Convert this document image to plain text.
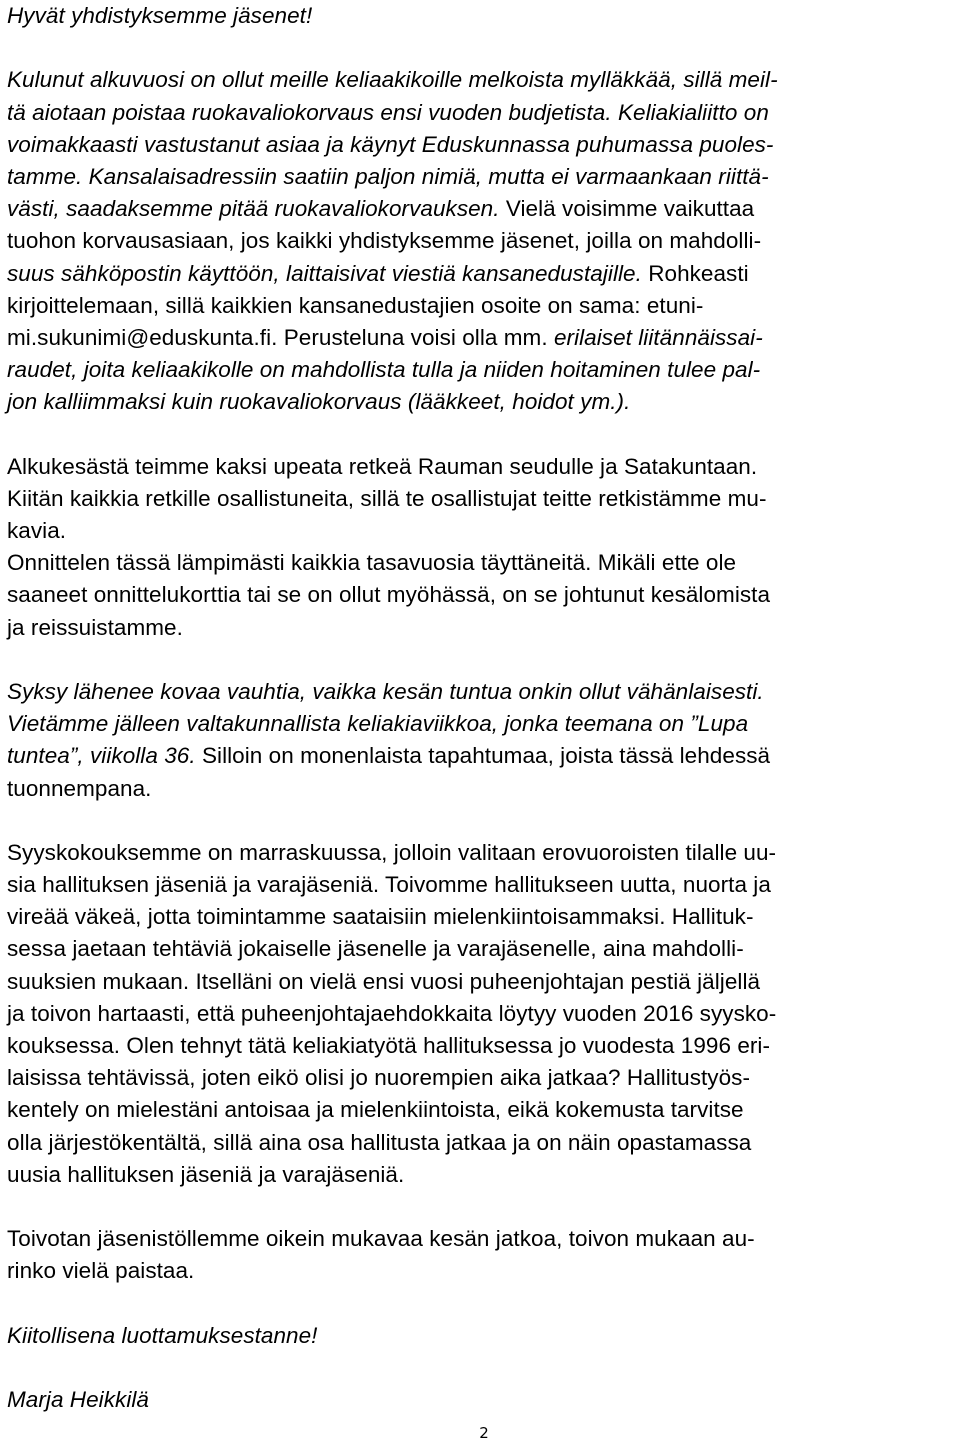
Hyvät yhdistyksemme jäsenet!

Kulunut alkuvuosi on ollut meille keliaakikoille melkoista mylläkkää, sillä meil-
tä aiotaan poistaa ruokavaliokorvaus ensi vuoden budjetista. Keliakialiitto on
voimakkaasti vastustanut asiaa ja käynyt Eduskunnassa puhumassa puoles-
tamme. Kansalaisadressiin saatiin paljon nimiä, mutta ei varmaankaan riittä-
västi, saadaksemme pitää ruokavaliokorvauksen. Vielä voisimme vaikuttaa
tuohon korvausasiaan, jos kaikki yhdistyksemme jäsenet, joilla on mahdolli-
suus sähköpostin käyttöön, laittaisivat viestiä kansanedustajille. Rohkeasti
kirjoittelemaan, sillä kaikkien kansanedustajien osoite on sama: etuni-
mi.sukunimi@eduskunta.fi. Perusteluna voisi olla mm. erilaiset liitännäissai-
raudet, joita keliaakikolle on mahdollista tulla ja niiden hoitaminen tulee pal-
jon kalliimmaksi kuin ruokavaliokorvaus (lääkkeet, hoidot ym.).

Alkukesästä teimme kaksi upeata retkeä Rauman seudulle ja Satakuntaan.
Kiitän kaikkia retkille osallistuneita, sillä te osallistujat teitte retkistämme mu-
kavia.
Onnittelen tässä lämpimästi kaikkia tasavuosia täyttäneitä. Mikäli ette ole
saaneet onnittelukorttia tai se on ollut myöhässä, on se johtunut kesälomista
ja reissuistamme.

Syksy lähenee kovaa vauhtia, vaikka kesän tuntua onkin ollut vähänlaisesti.
Vietämme jälleen valtakunnallista keliakiaviikkoa, jonka teemana on ”Lupa
tuntea”, viikolla 36. Silloin on monenlaista tapahtumaa, joista tässä lehdessä
tuonnempana.

Syyskokouksemme on marraskuussa, jolloin valitaan erovuoroisten tilalle uu-
sia hallituksen jäseniä ja varajäseniä. Toivomme hallitukseen uutta, nuorta ja
vireää väkeä, jotta toimintamme saataisiin mielenkiintoisammaksi. Hallituk-
sessa jaetaan tehtäviä jokaiselle jäsenelle ja varajäsenelle, aina mahdolli-
suuksien mukaan. Itselläni on vielä ensi vuosi puheenjohtajan pestiä jäljellä
ja toivon hartaasti, että puheenjohtajaehdokkaita löytyy vuoden 2016 syysko-
kouksessa. Olen tehnyt tätä keliakiatyötä hallituksessa jo vuodesta 1996 eri-
laisissa tehtävissä, joten eikö olisi jo nuorempien aika jatkaa? Hallitustyös-
kentely on mielestäni antoisaa ja mielenkiintoista, eikä kokemusta tarvitse
olla järjestökentältä, sillä aina osa hallitusta jatkaa ja on näin opastamassa
uusia hallituksen jäseniä ja varajäseniä.

Toivotan jäsenistöllemme oikein mukavaa kesän jatkoa, toivon mukaan au-
rinko vielä paistaa.

Kiitollisena luottamuksestanne!

Marja Heikkilä

2
